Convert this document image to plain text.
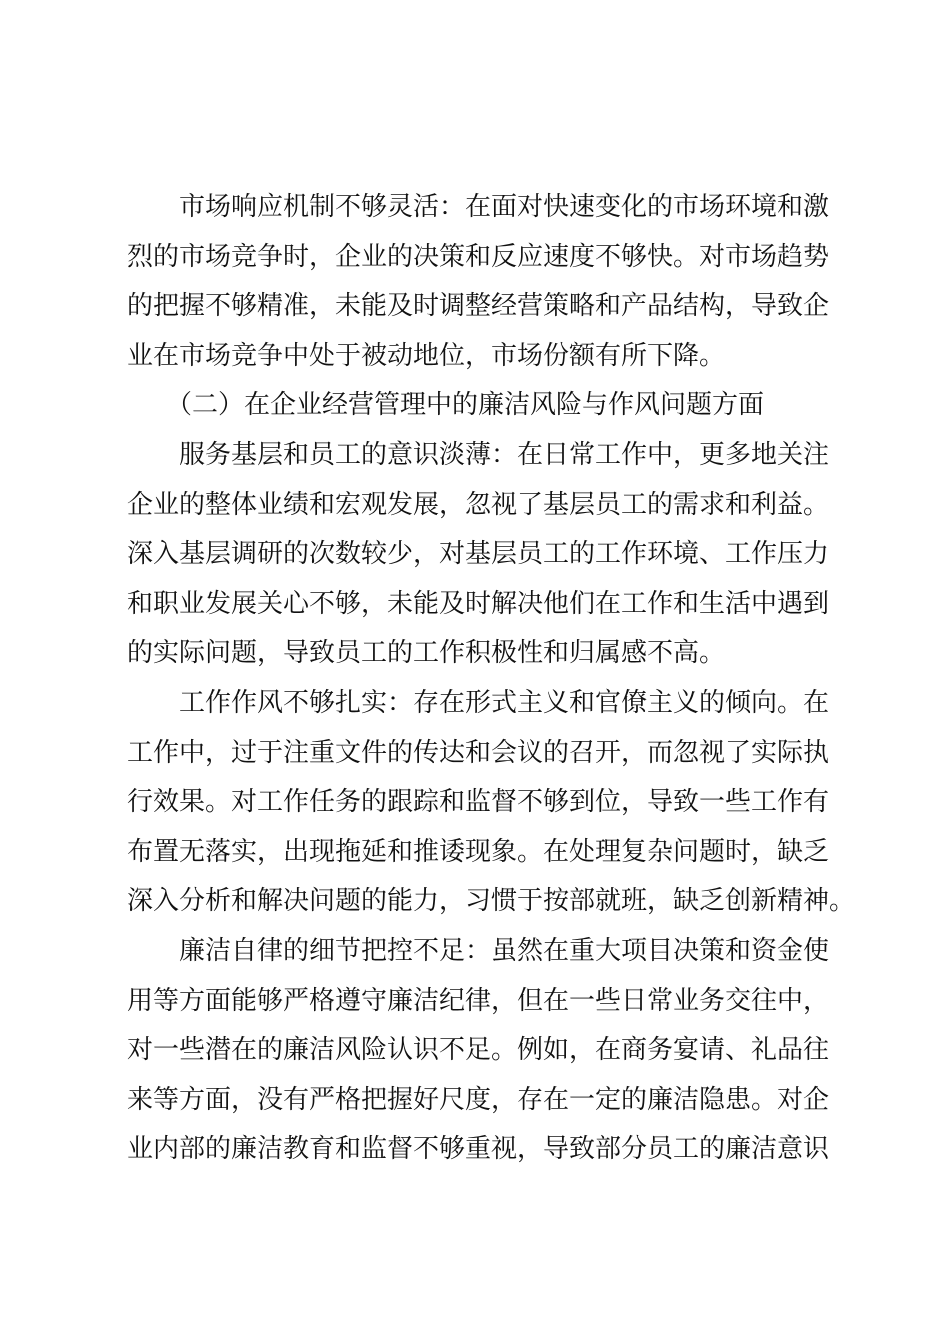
　　市场响应机制不够灵活：在面对快速变化的市场环境和激
烈的市场竞争时，企业的决策和反应速度不够快。对市场趋势
的把握不够精准，未能及时调整经营策略和产品结构，导致企
业在市场竞争中处于被动地位，市场份额有所下降。

　　（二）在企业经营管理中的廉洁风险与作风问题方面

　　服务基层和员工的意识淡薄：在日常工作中，更多地关注
企业的整体业绩和宏观发展，忽视了基层员工的需求和利益。
深入基层调研的次数较少，对基层员工的工作环境、工作压力
和职业发展关心不够，未能及时解决他们在工作和生活中遇到
的实际问题，导致员工的工作积极性和归属感不高。

　　工作作风不够扎实：存在形式主义和官僚主义的倾向。在
工作中，过于注重文件的传达和会议的召开，而忽视了实际执
行效果。对工作任务的跟踪和监督不够到位，导致一些工作有
布置无落实，出现拖延和推诿现象。在处理复杂问题时，缺乏
深入分析和解决问题的能力，习惯于按部就班，缺乏创新精神。

　　廉洁自律的细节把控不足：虽然在重大项目决策和资金使
用等方面能够严格遵守廉洁纪律，但在一些日常业务交往中，
对一些潜在的廉洁风险认识不足。例如，在商务宴请、礼品往
来等方面，没有严格把握好尺度，存在一定的廉洁隐患。对企
业内部的廉洁教育和监督不够重视，导致部分员工的廉洁意识
